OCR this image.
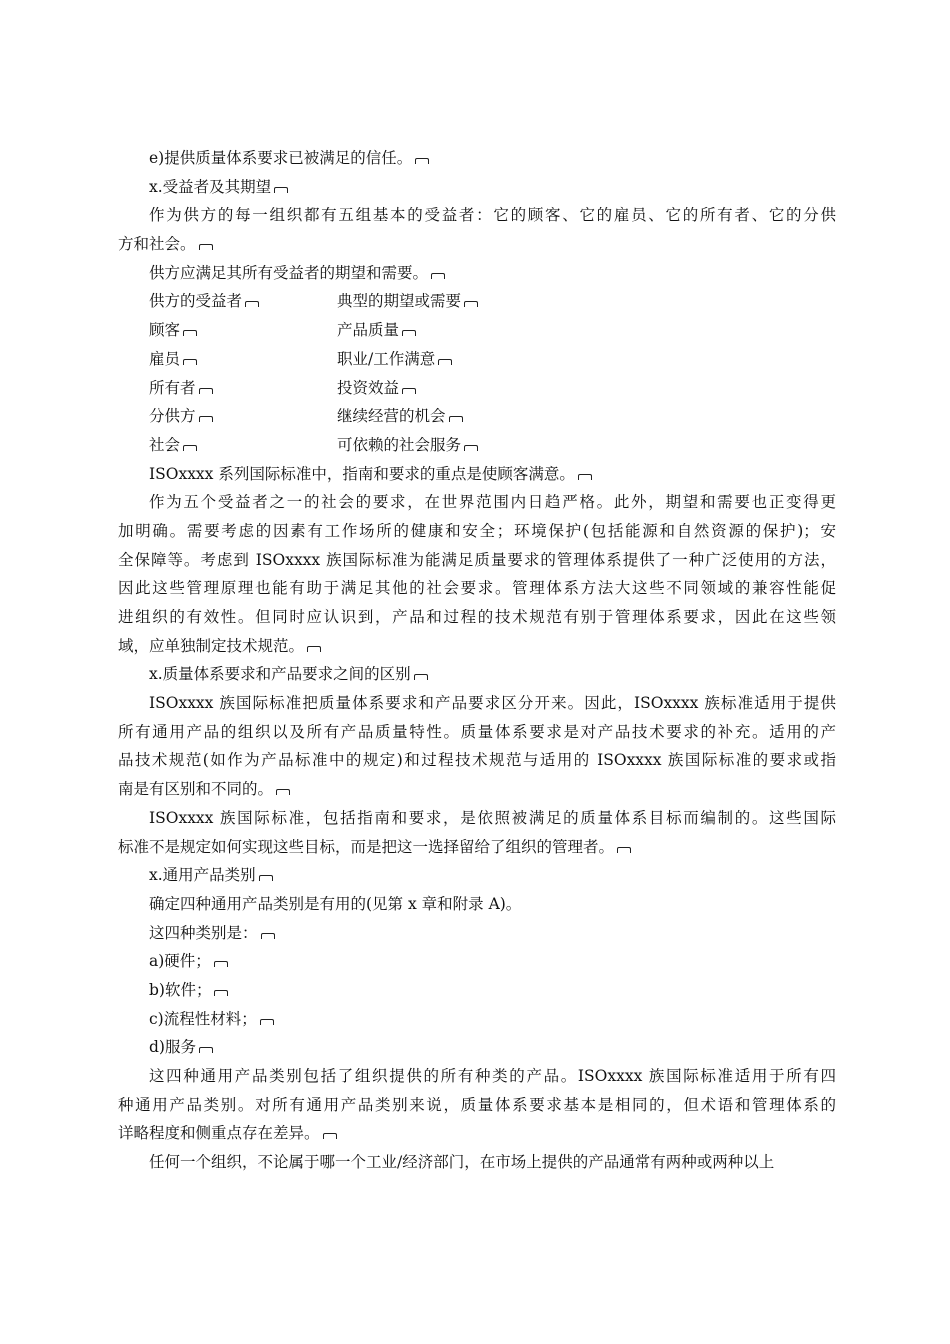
e)提供质量体系要求已被满足的信任。
x.受益者及其期望
作为供方的每一组织都有五组基本的受益者：它的顾客、它的雇员、它的所有者、它的分供
方和社会。
供方应满足其所有受益者的期望和需要。
供方的受益者	典型的期望或需要
顾客	产品质量
雇员	职业/工作满意
所有者	投资效益
分供方	继续经营的机会
社会	可依赖的社会服务
ISOxxxx 系列国际标准中，指南和要求的重点是使顾客满意。
作为五个受益者之一的社会的要求，在世界范围内日趋严格。此外，期望和需要也正变得更
加明确。需要考虑的因素有工作场所的健康和安全；环境保护(包括能源和自然资源的保护)；安
全保障等。考虑到 ISOxxxx 族国际标准为能满足质量要求的管理体系提供了一种广泛使用的方法，
因此这些管理原理也能有助于满足其他的社会要求。管理体系方法大这些不同领域的兼容性能促
进组织的有效性。但同时应认识到，产品和过程的技术规范有别于管理体系要求，因此在这些领
域，应单独制定技术规范。
x.质量体系要求和产品要求之间的区别
ISOxxxx 族国际标准把质量体系要求和产品要求区分开来。因此，ISOxxxx 族标准适用于提供
所有通用产品的组织以及所有产品质量特性。质量体系要求是对产品技术要求的补充。适用的产
品技术规范(如作为产品标准中的规定)和过程技术规范与适用的 ISOxxxx 族国际标准的要求或指
南是有区别和不同的。
ISOxxxx 族国际标准，包括指南和要求，是依照被满足的质量体系目标而编制的。这些国际
标准不是规定如何实现这些目标，而是把这一选择留给了组织的管理者。
x.通用产品类别
确定四种通用产品类别是有用的(见第 x 章和附录 A)。
这四种类别是：
a)硬件；
b)软件；
c)流程性材料；
d)服务
这四种通用产品类别包括了组织提供的所有种类的产品。ISOxxxx 族国际标准适用于所有四
种通用产品类别。对所有通用产品类别来说，质量体系要求基本是相同的，但术语和管理体系的
详略程度和侧重点存在差异。
任何一个组织，不论属于哪一个工业/经济部门，在市场上提供的产品通常有两种或两种以上
